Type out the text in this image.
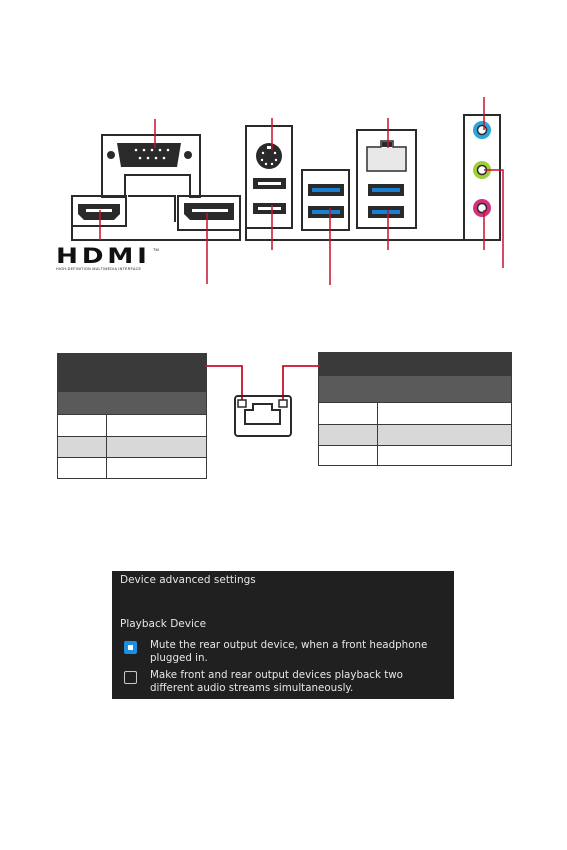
HDMI TM
HIGH-DEFINITION MULTIMEDIA INTERFACE
Device advanced settings
Playback Device
Mute the rear output device, when a front headphone plugged in.
Make front and rear output devices playback two different audio streams simultaneously.
